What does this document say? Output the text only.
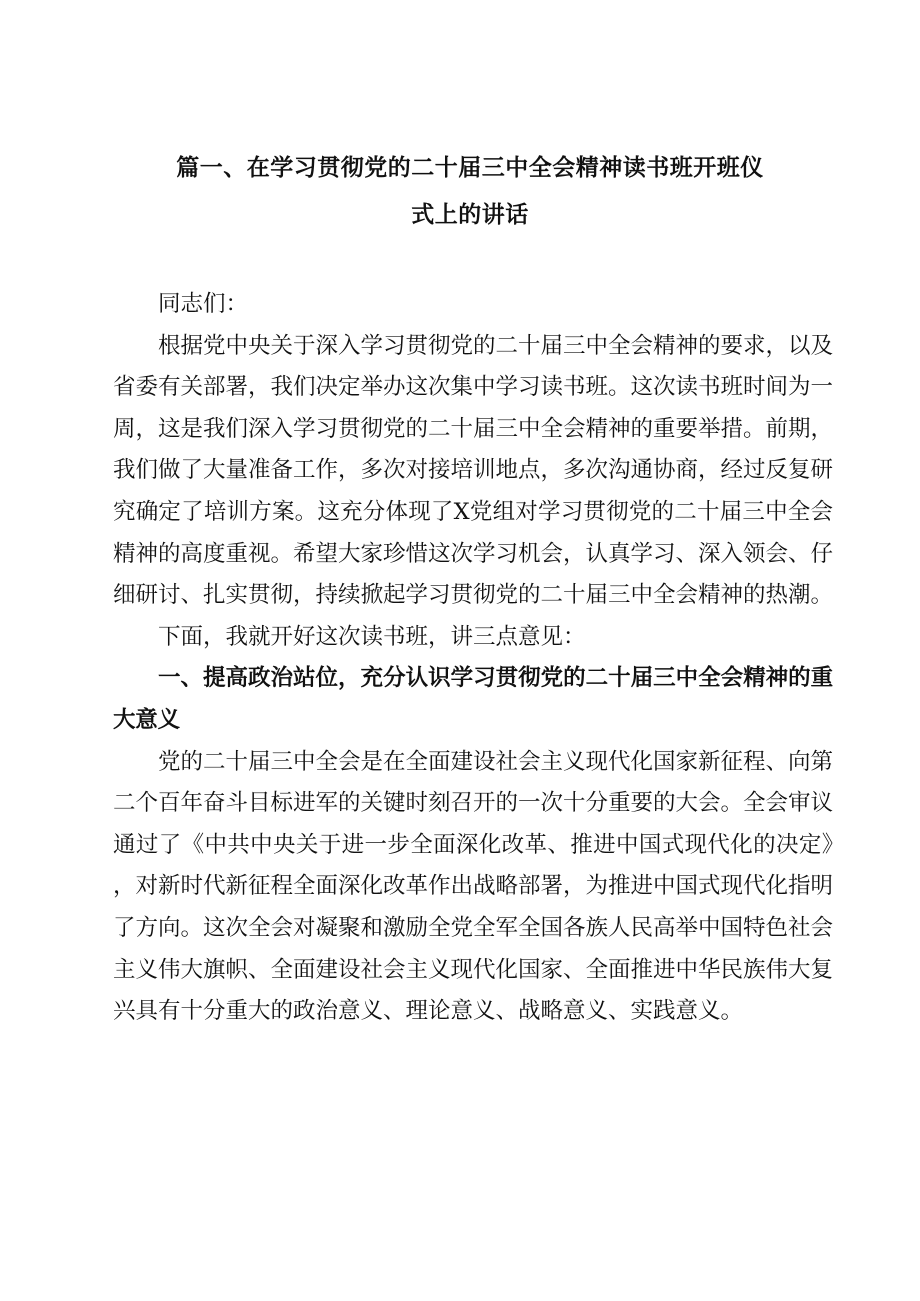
篇一、在学习贯彻党的二十届三中全会精神读书班开班仪
式上的讲话

同志们：

根据党中央关于深入学习贯彻党的二十届三中全会精神的要求，以及省委有关部署，我们决定举办这次集中学习读书班。这次读书班时间为一周，这是我们深入学习贯彻党的二十届三中全会精神的重要举措。前期，我们做了大量准备工作，多次对接培训地点，多次沟通协商，经过反复研究确定了培训方案。这充分体现了X党组对学习贯彻党的二十届三中全会精神的高度重视。希望大家珍惜这次学习机会，认真学习、深入领会、仔细研讨、扎实贯彻，持续掀起学习贯彻党的二十届三中全会精神的热潮。

下面，我就开好这次读书班，讲三点意见：

一、提高政治站位，充分认识学习贯彻党的二十届三中全会精神的重大意义

党的二十届三中全会是在全面建设社会主义现代化国家新征程、向第二个百年奋斗目标进军的关键时刻召开的一次十分重要的大会。全会审议通过了《中共中央关于进一步全面深化改革、推进中国式现代化的决定》，对新时代新征程全面深化改革作出战略部署，为推进中国式现代化指明了方向。这次全会对凝聚和激励全党全军全国各族人民高举中国特色社会主义伟大旗帜、全面建设社会主义现代化国家、全面推进中华民族伟大复兴具有十分重大的政治意义、理论意义、战略意义、实践意义。
